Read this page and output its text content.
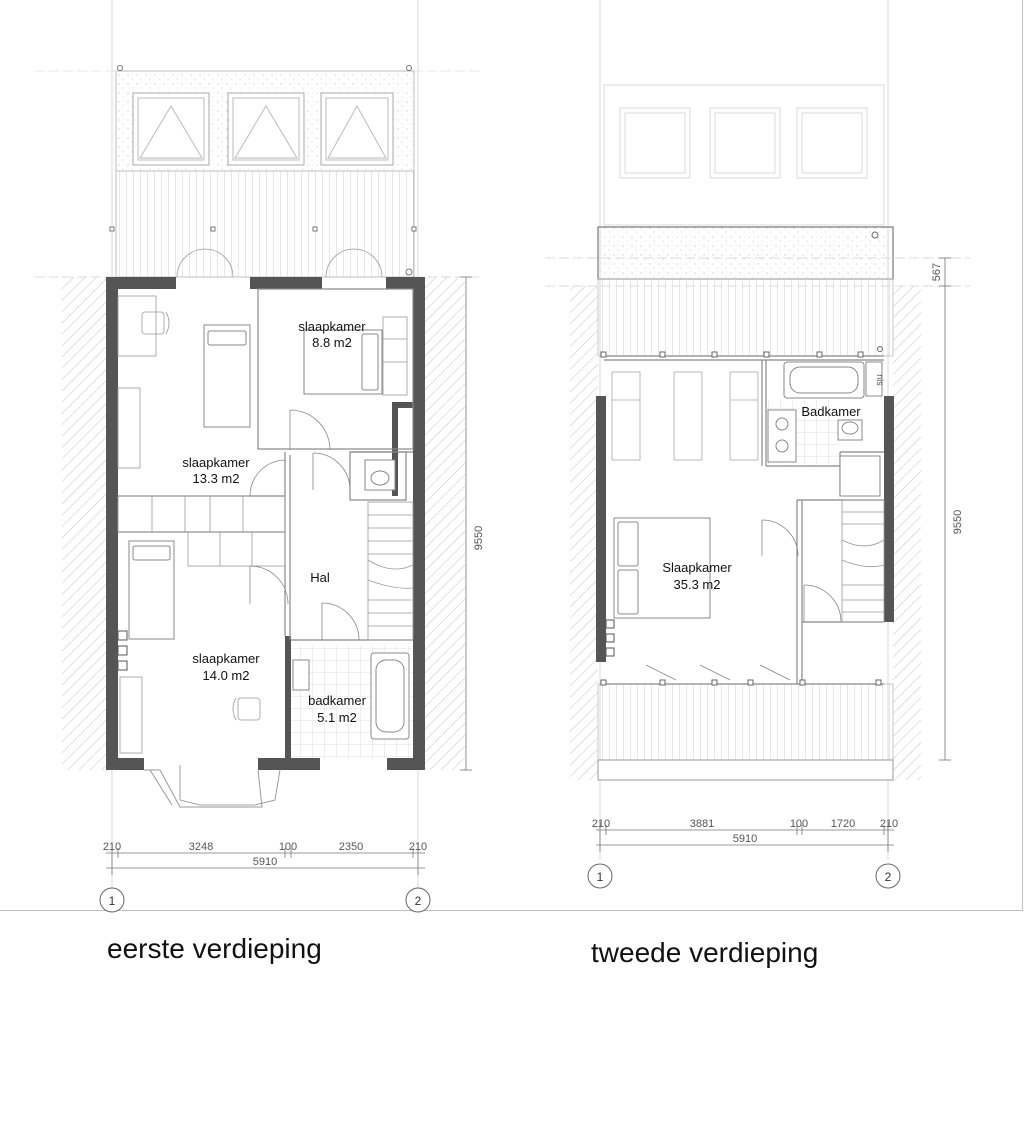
slaapkamer
8.8 m2
slaapkamer
13.3 m2
Hal
slaapkamer
14.0 m2
badkamer
5.1 m2
210	3248	100	2350	210
5910
9550
1	2
Badkamer
Slaapkamer
35.3 m2
nis
210	3881	100 1720 210
5910
9550
567
1	2
eerste verdieping	tweede verdieping
